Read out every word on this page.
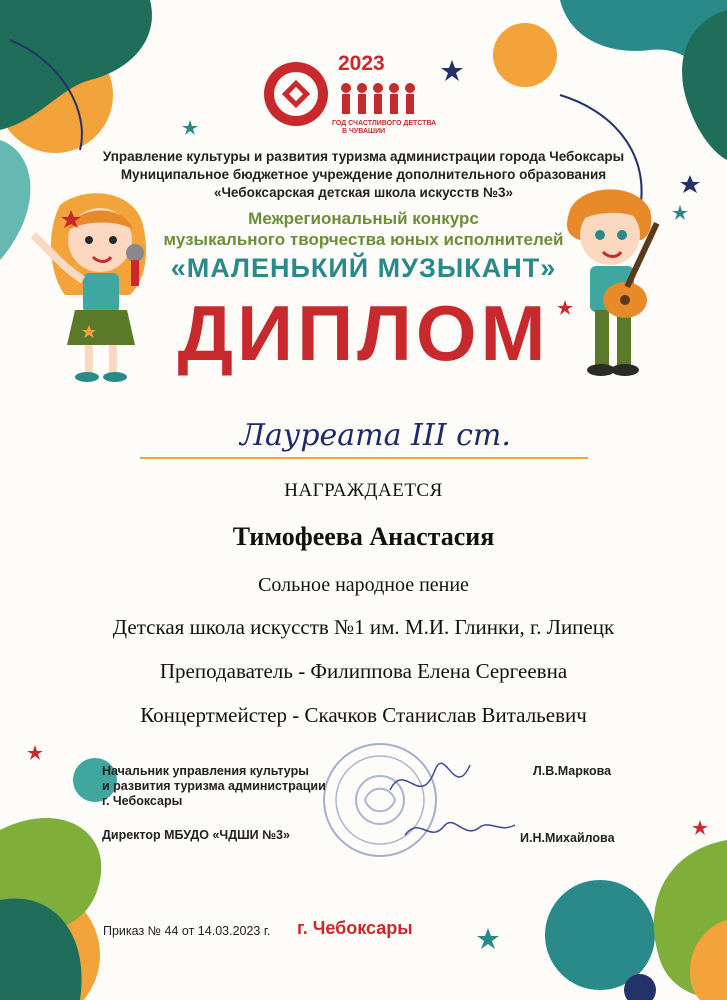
2023
ГОД СЧАСТЛИВОГО ДЕТСТВА
В ЧУВАШИИ
Управление культуры и развития туризма администрации города Чебоксары
Муниципальное бюджетное учреждение дополнительного образования
«Чебоксарская детская школа искусств №3»
Межрегиональный конкурс
музыкального творчества юных исполнителей
«МАЛЕНЬКИЙ МУЗЫКАНТ»
ДИПЛОМ
Лауреата III ст.
НАГРАЖДАЕТСЯ
Тимофеева Анастасия
Сольное народное пение
Детская школа искусств №1 им. М.И. Глинки, г. Липецк
Преподаватель - Филиппова Елена Сергеевна
Концертмейстер - Скачков Станислав Витальевич
Начальник управления культуры
и развития туризма администрации
г. Чебоксары
Л.В.Маркова
Директор МБУДО «ЧДШИ №3»	И.Н.Михайлова
Приказ № 44 от 14.03.2023 г. г. Чебоксары
